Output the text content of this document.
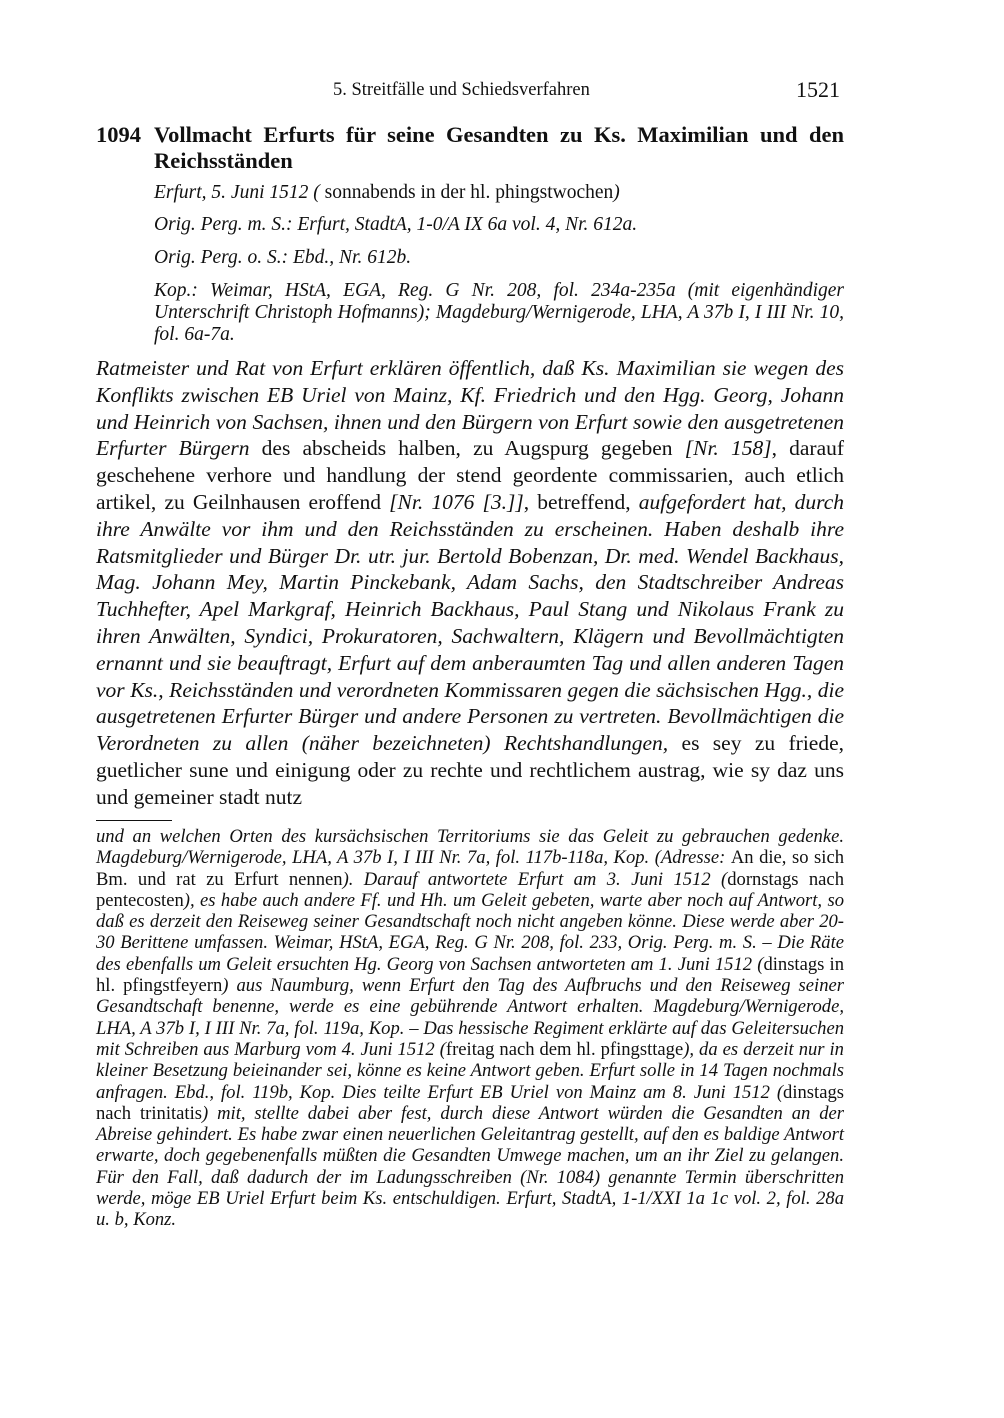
5. Streitfälle und Schiedsverfahren	1521
1094 Vollmacht Erfurts für seine Gesandten zu Ks. Maximilian und den Reichsständen
Erfurt, 5. Juni 1512 ( sonnabends in der hl. phingstwochen)
Orig. Perg. m. S.: Erfurt, StadtA, 1-0/A IX 6a vol. 4, Nr. 612a.
Orig. Perg. o. S.: Ebd., Nr. 612b.
Kop.: Weimar, HStA, EGA, Reg. G Nr. 208, fol. 234a-235a (mit eigenhändiger Unterschrift Christoph Hofmanns); Magdeburg/Wernigerode, LHA, A 37b I, I III Nr. 10, fol. 6a-7a.

Ratmeister und Rat von Erfurt erklären öffentlich, daß Ks. Maximilian sie wegen des Konflikts zwischen EB Uriel von Mainz, Kf. Friedrich und den Hgg. Georg, Johann und Heinrich von Sachsen, ihnen und den Bürgern von Erfurt sowie den ausgetretenen Erfurter Bürgern des abscheids halben, zu Augspurg gegeben [Nr. 158], darauf geschehene verhore und handlung der stend geordente commissarien, auch etlich artikel, zu Geilnhausen eroffend [Nr. 1076 [3.]], betreffend, aufgefordert hat, durch ihre Anwälte vor ihm und den Reichsständen zu erscheinen. Haben deshalb ihre Ratsmitglieder und Bürger Dr. utr. jur. Bertold Bobenzan, Dr. med. Wendel Backhaus, Mag. Johann Mey, Martin Pinckebank, Adam Sachs, den Stadtschreiber Andreas Tuchhefter, Apel Markgraf, Heinrich Backhaus, Paul Stang und Nikolaus Frank zu ihren Anwälten, Syndici, Prokuratoren, Sachwaltern, Klägern und Bevollmächtigten ernannt und sie beauftragt, Erfurt auf dem anberaumten Tag und allen anderen Tagen vor Ks., Reichsständen und verordneten Kommissaren gegen die sächsischen Hgg., die ausgetretenen Erfurter Bürger und andere Personen zu vertreten. Bevollmächtigen die Verordneten zu allen (näher bezeichneten) Rechtshandlungen, es sey zu friede, guetlicher sune und einigung oder zu rechte und rechtlichem austrag, wie sy daz uns und gemeiner stadt nutz

und an welchen Orten des kursächsischen Territoriums sie das Geleit zu gebrauchen gedenke. Magdeburg/Wernigerode, LHA, A 37b I, I III Nr. 7a, fol. 117b-118a, Kop. (Adresse: An die, so sich Bm. und rat zu Erfurt nennen). Darauf antwortete Erfurt am 3. Juni 1512 (dornstags nach pentecosten), es habe auch andere Ff. und Hh. um Geleit gebeten, warte aber noch auf Antwort, so daß es derzeit den Reiseweg seiner Gesandtschaft noch nicht angeben könne. Diese werde aber 20-30 Berittene umfassen. Weimar, HStA, EGA, Reg. G Nr. 208, fol. 233, Orig. Perg. m. S. – Die Räte des ebenfalls um Geleit ersuchten Hg. Georg von Sachsen antworteten am 1. Juni 1512 (dinstags in hl. pfingstfeyern) aus Naumburg, wenn Erfurt den Tag des Aufbruchs und den Reiseweg seiner Gesandtschaft benenne, werde es eine gebührende Antwort erhalten. Magdeburg/Wernigerode, LHA, A 37b I, I III Nr. 7a, fol. 119a, Kop. – Das hessische Regiment erklärte auf das Geleitersuchen mit Schreiben aus Marburg vom 4. Juni 1512 (freitag nach dem hl. pfingsttage), da es derzeit nur in kleiner Besetzung beieinander sei, könne es keine Antwort geben. Erfurt solle in 14 Tagen nochmals anfragen. Ebd., fol. 119b, Kop. Dies teilte Erfurt EB Uriel von Mainz am 8. Juni 1512 (dinstags nach trinitatis) mit, stellte dabei aber fest, durch diese Antwort würden die Gesandten an der Abreise gehindert. Es habe zwar einen neuerlichen Geleitantrag gestellt, auf den es baldige Antwort erwarte, doch gegebenenfalls müßten die Gesandten Umwege machen, um an ihr Ziel zu gelangen. Für den Fall, daß dadurch der im Ladungsschreiben (Nr. 1084) genannte Termin überschritten werde, möge EB Uriel Erfurt beim Ks. entschuldigen. Erfurt, StadtA, 1-1/XXI 1a 1c vol. 2, fol. 28a u. b, Konz.
